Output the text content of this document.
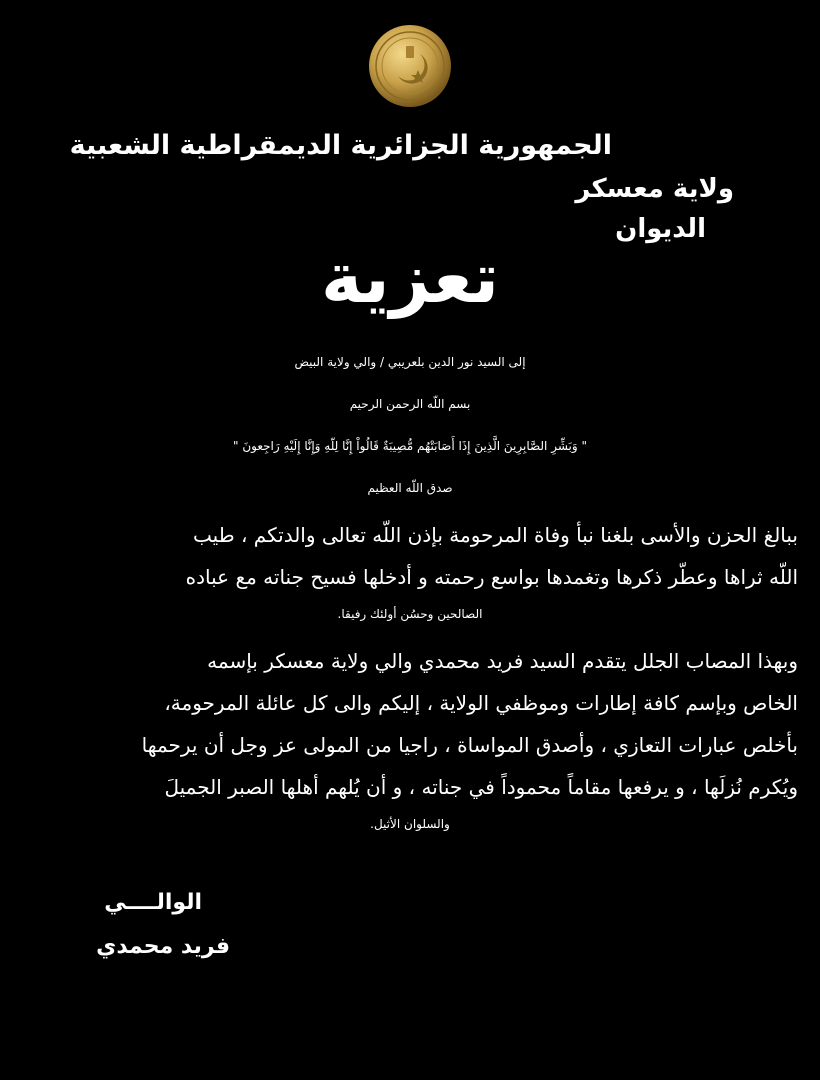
الجمهورية الجزائرية الديمقراطية الشعبية
ولاية معسكر
الديوان
تعزية
إلى السيد نور الدين بلعريبي / والي ولاية البيض
بسم اللّه الرحمن الرحيم
" وَبَشِّرِ الصَّابِرِينَ الَّذِينَ إِذَا أَصَابَتْهُم مُّصِيبَةٌ قَالُواْ إِنَّا لِلّهِ وَإِنَّا إِلَيْهِ رَاجِعونَ "
صدق اللّه العظيم
ببالغ الحزن والأسى بلغنا نبأ وفاة المرحومة بإذن اللّه تعالى والدتكم ، طيب
اللّه ثراها وعطّر ذكرها وتغمدها بواسع رحمته و أدخلها فسيح جناته مع عباده
الصالحين وحسُن أولئك رفيقا.
وبهذا المصاب الجلل يتقدم السيد فريد محمدي والي ولاية معسكر بإسمه
الخاص وبإسم كافة إطارات وموظفي الولاية ، إليكم والى كل عائلة المرحومة،
بأخلص عبارات التعازي ، وأصدق المواساة ، راجيا من المولى عز وجل أن يرحمها
ويُكرم نُزلَها ، و يرفعها مقاماً محموداً في جناته ، و أن يُلهم أهلها الصبر الجميلَ
والسلوان الأثيل.
الوالــــي
فريد محمدي
